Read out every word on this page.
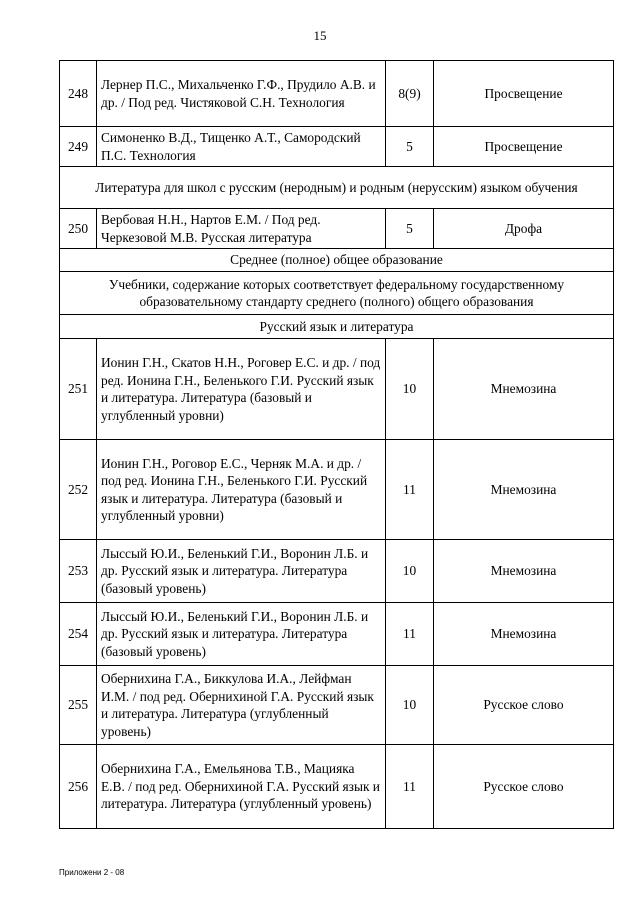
15
248	Лернер П.С., Михальченко Г.Ф., Прудило А.В. и др. / Под ред. Чистяковой С.Н. Технология	8(9)	Просвещение
249	Симоненко В.Д., Тищенко А.Т., Самородский П.С. Технология	5	Просвещение
Литература для школ с русским (неродным) и родным (нерусским) языком обучения			
250	Вербовая Н.Н., Нартов Е.М. / Под ред. Черкезовой М.В. Русская литература	5	Дрофа
Среднее (полное) общее образование			
Учебники, содержание которых соответствует федеральному государственному образовательному стандарту среднего (полного) общего образования			
Русский язык и литература			
251	Ионин Г.Н., Скатов Н.Н., Роговер Е.С. и др. / под ред. Ионина Г.Н., Беленького Г.И. Русский язык и литература. Литература (базовый и углубленный уровни)	10	Мнемозина
252	Ионин Г.Н., Роговор Е.С., Черняк М.А. и др. /под ред. Ионина Г.Н., Беленького Г.И. Русский язык и литература. Литература (базовый и углубленный уровни)	11	Мнемозина
253	Лыссый Ю.И., Беленький Г.И., Воронин Л.Б. и др. Русский язык и литература. Литература (базовый уровень)	10	Мнемозина
254	Лыссый Ю.И., Беленький Г.И., Воронин Л.Б. и др. Русский язык и литература. Литература (базовый уровень)	11	Мнемозина
255	Обернихина Г.А., Биккулова И.А., Лейфман И.М. / под ред. Обернихиной Г.А. Русский язык и литература. Литература (углубленный уровень)	10	Русское слово
256	Обернихина Г.А., Емельянова Т.В., Мацияка Е.В. / под ред. Обернихиной Г.А. Русский язык и литература. Литература (углубленный уровень)	11	Русское слово
Приложени 2 - 08
